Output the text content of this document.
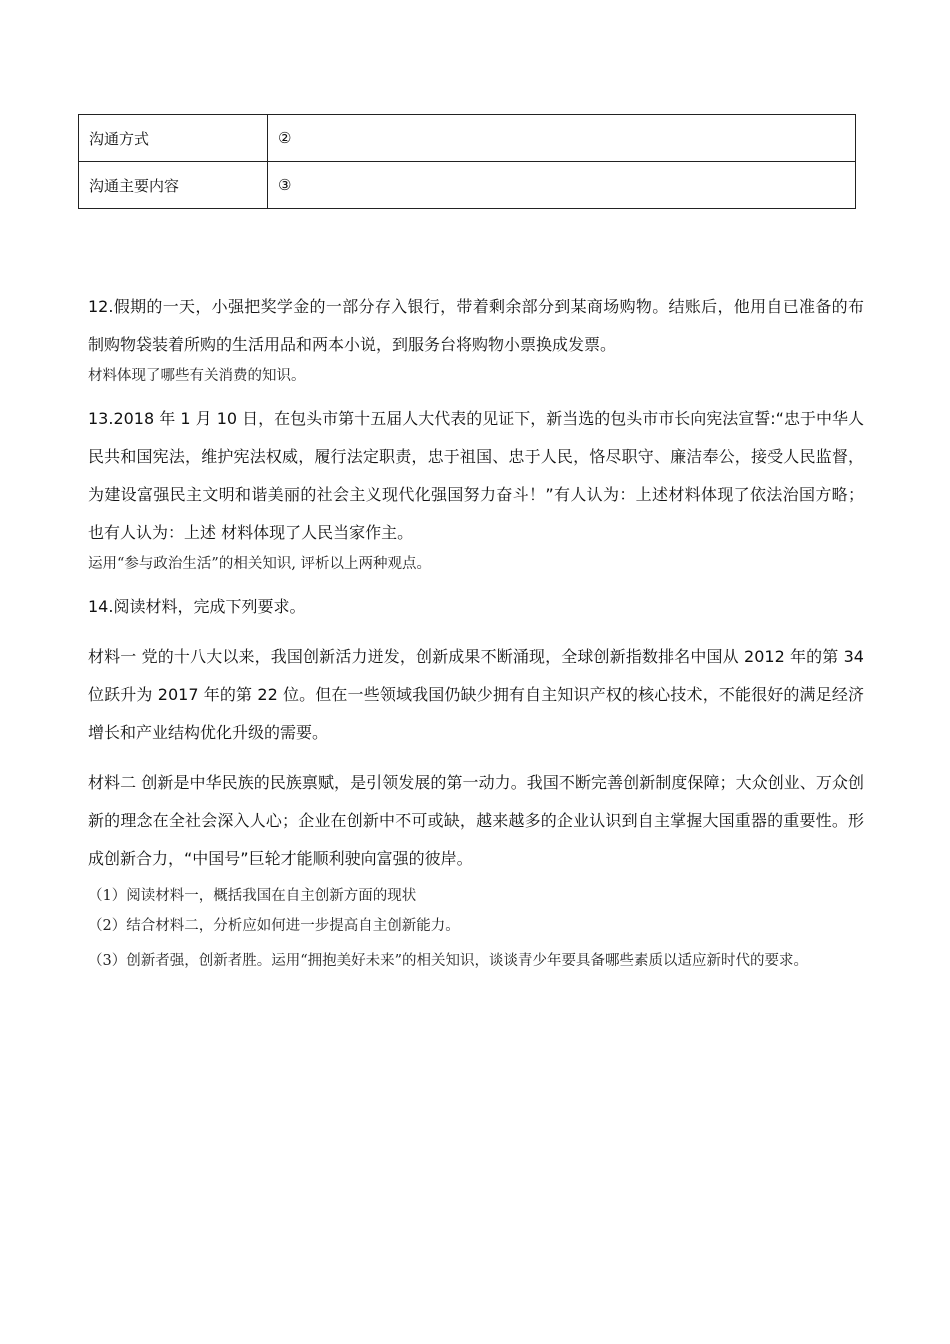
沟通方式	②
沟通主要内容	③

12.假期的一天，小强把奖学金的一部分存入银行，带着剩余部分到某商场购物。结账后，他用自已准备的布制购物袋装着所购的生活用品和两本小说，到服务台将购物小票换成发票。

材料体现了哪些有关消费的知识。

13.2018 年 1 月 10 日，在包头市第十五届人大代表的见证下，新当选的包头市市长向宪法宣誓:“忠于中华人民共和国宪法，维护宪法权威，履行法定职责，忠于祖国、忠于人民，恪尽职守、廉洁奉公，接受人民监督，为建设富强民主文明和谐美丽的社会主义现代化强国努力奋斗！”有人认为：上述材料体现了依法治国方略；也有人认为：上述 材料体现了人民当家作主。

运用“参与政治生活”的相关知识, 评析以上两种观点。

14.阅读材料，完成下列要求。

材料一 党的十八大以来，我国创新活力迸发，创新成果不断涌现，全球创新指数排名中国从 2012 年的第 34 位跃升为 2017 年的第 22 位。但在一些领域我国仍缺少拥有自主知识产权的核心技术，不能很好的满足经济增长和产业结构优化升级的需要。

材料二 创新是中华民族的民族禀赋，是引领发展的第一动力。我国不断完善创新制度保障；大众创业、万众创新的理念在全社会深入人心；企业在创新中不可或缺，越来越多的企业认识到自主掌握大国重器的重要性。形成创新合力，“中国号”巨轮才能顺利驶向富强的彼岸。

（1）阅读材料一，概括我国在自主创新方面的现状

（2）结合材料二，分析应如何进一步提高自主创新能力。

（3）创新者强，创新者胜。运用“拥抱美好未来”的相关知识，谈谈青少年要具备哪些素质以适应新时代的要求。
